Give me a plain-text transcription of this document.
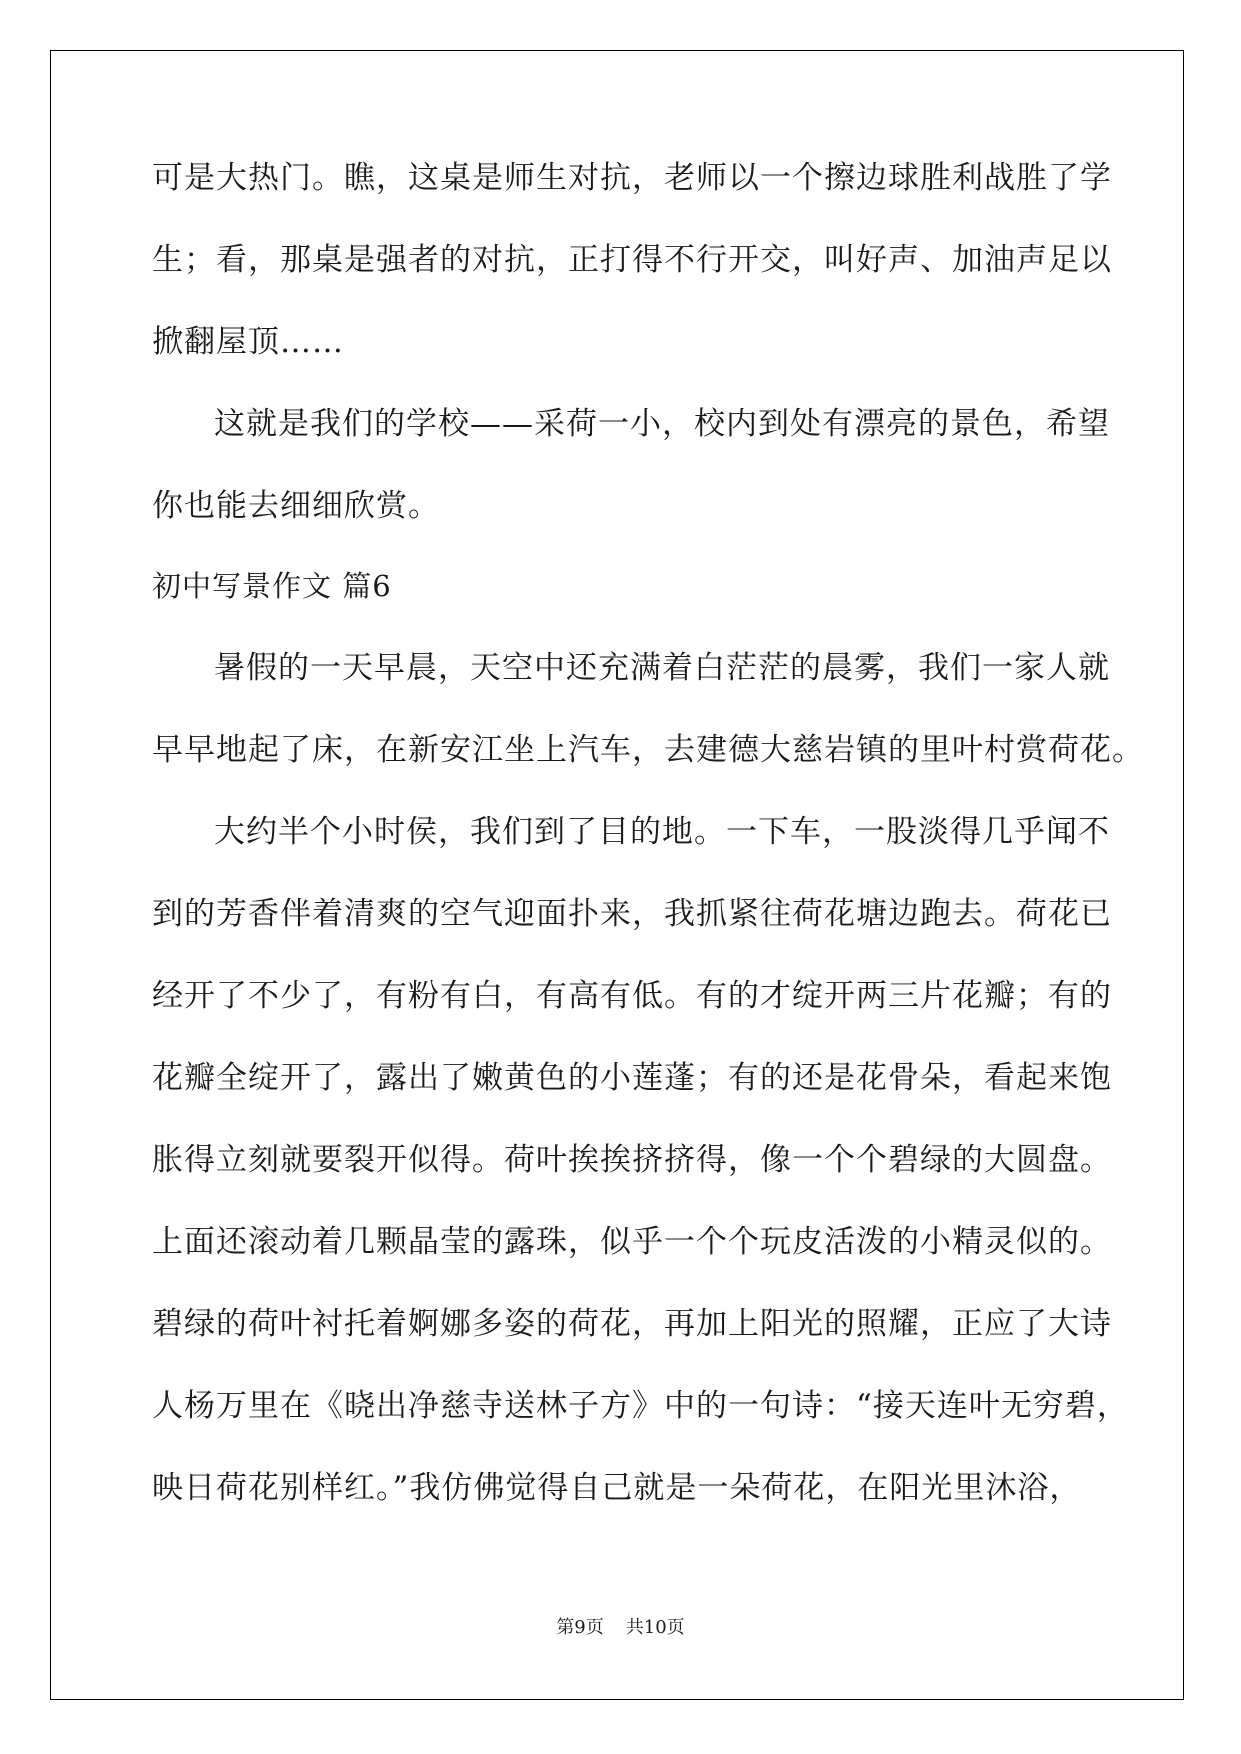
可是大热门。瞧，这桌是师生对抗，老师以一个擦边球胜利战胜了学
生；看，那桌是强者的对抗，正打得不行开交，叫好声、加油声足以
掀翻屋顶……
这就是我们的学校——采荷一小，校内到处有漂亮的景色，希望
你也能去细细欣赏。
初中写景作文 篇6
暑假的一天早晨，天空中还充满着白茫茫的晨雾，我们一家人就
早早地起了床，在新安江坐上汽车，去建德大慈岩镇的里叶村赏荷花。
大约半个小时侯，我们到了目的地。一下车，一股淡得几乎闻不
到的芳香伴着清爽的空气迎面扑来，我抓紧往荷花塘边跑去。荷花已
经开了不少了，有粉有白，有高有低。有的才绽开两三片花瓣；有的
花瓣全绽开了，露出了嫩黄色的小莲蓬；有的还是花骨朵，看起来饱
胀得立刻就要裂开似得。荷叶挨挨挤挤得，像一个个碧绿的大圆盘。
上面还滚动着几颗晶莹的露珠，似乎一个个玩皮活泼的小精灵似的。
碧绿的荷叶衬托着婀娜多姿的荷花，再加上阳光的照耀，正应了大诗
人杨万里在《晓出净慈寺送林子方》中的一句诗：“接天连叶无穷碧，
映日荷花别样红。”我仿佛觉得自己就是一朵荷花，在阳光里沐浴，
第9页 共10页
